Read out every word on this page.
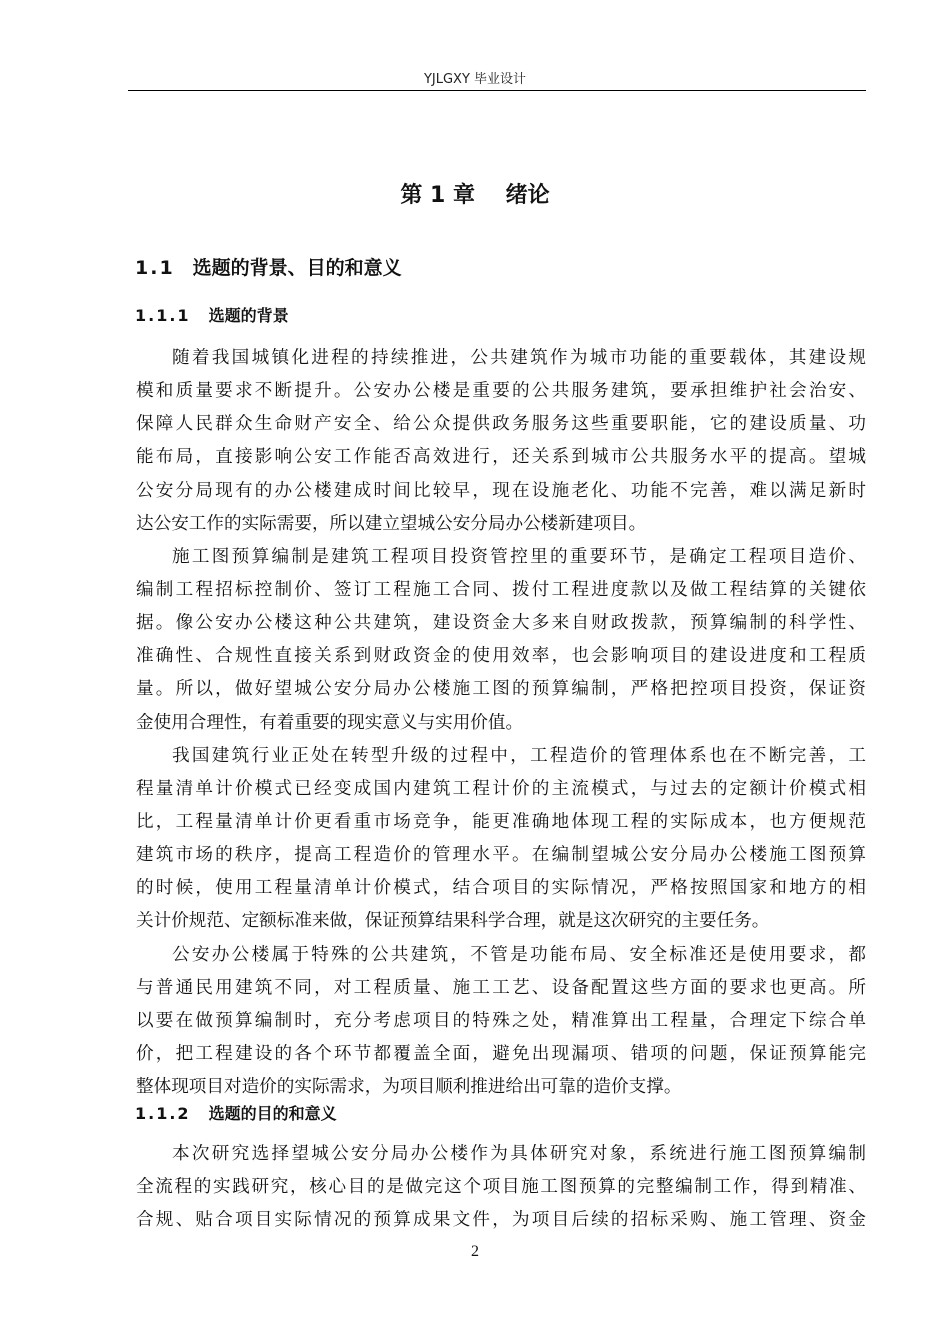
YJLGXY 毕业设计
第 1 章    绪论
1.1 选题的背景、目的和意义
1.1.1 选题的背景
随着我国城镇化进程的持续推进，公共建筑作为城市功能的重要载体，其建设规
模和质量要求不断提升。公安办公楼是重要的公共服务建筑，要承担维护社会治安、
保障人民群众生命财产安全、给公众提供政务服务这些重要职能，它的建设质量、功
能布局，直接影响公安工作能否高效进行，还关系到城市公共服务水平的提高。望城
公安分局现有的办公楼建成时间比较早，现在设施老化、功能不完善，难以满足新时
达公安工作的实际需要，所以建立望城公安分局办公楼新建项目。
施工图预算编制是建筑工程项目投资管控里的重要环节，是确定工程项目造价、
编制工程招标控制价、签订工程施工合同、拨付工程进度款以及做工程结算的关键依
据。像公安办公楼这种公共建筑，建设资金大多来自财政拨款，预算编制的科学性、
准确性、合规性直接关系到财政资金的使用效率，也会影响项目的建设进度和工程质
量。所以，做好望城公安分局办公楼施工图的预算编制，严格把控项目投资，保证资
金使用合理性，有着重要的现实意义与实用价值。
我国建筑行业正处在转型升级的过程中，工程造价的管理体系也在不断完善，工
程量清单计价模式已经变成国内建筑工程计价的主流模式，与过去的定额计价模式相
比，工程量清单计价更看重市场竞争，能更准确地体现工程的实际成本，也方便规范
建筑市场的秩序，提高工程造价的管理水平。在编制望城公安分局办公楼施工图预算
的时候，使用工程量清单计价模式，结合项目的实际情况，严格按照国家和地方的相
关计价规范、定额标准来做，保证预算结果科学合理，就是这次研究的主要任务。
公安办公楼属于特殊的公共建筑，不管是功能布局、安全标准还是使用要求，都
与普通民用建筑不同，对工程质量、施工工艺、设备配置这些方面的要求也更高。所
以要在做预算编制时，充分考虑项目的特殊之处，精准算出工程量，合理定下综合单
价，把工程建设的各个环节都覆盖全面，避免出现漏项、错项的问题，保证预算能完
整体现项目对造价的实际需求，为项目顺利推进给出可靠的造价支撑。
1.1.2 选题的目的和意义
本次研究选择望城公安分局办公楼作为具体研究对象，系统进行施工图预算编制
全流程的实践研究，核心目的是做完这个项目施工图预算的完整编制工作，得到精准、
合规、贴合项目实际情况的预算成果文件，为项目后续的招标采购、施工管理、资金
2
